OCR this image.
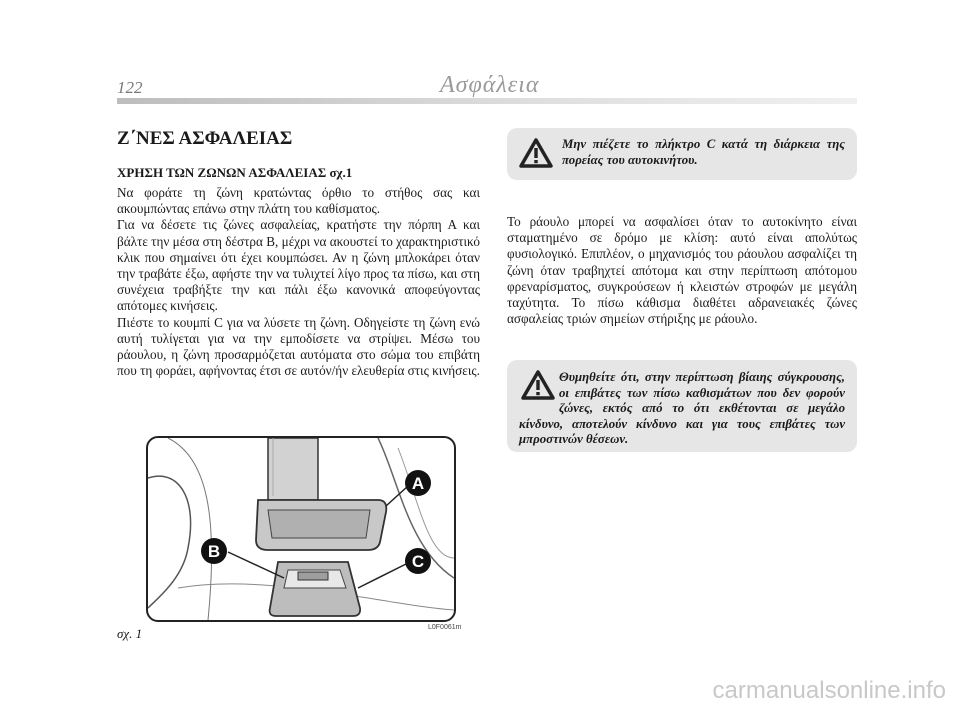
122	Ασφάλεια
Ζ΄ΝΕΣ ΑΣΦΑΛΕΙΑΣ
ΧΡΗΣΗ ΤΩΝ ΖΩΝΩΝ ΑΣΦΑΛΕΙΑΣ σχ.1

Να φοράτε τη ζώνη κρατώντας όρθιο το στήθος σας και ακουμπώντας επάνω στην πλάτη του καθίσματος.

Για να δέσετε τις ζώνες ασφαλείας, κρατήστε την πόρπη Α και βάλτε την μέσα στη δέστρα Β, μέχρι να ακουστεί το χαρακτηριστικό κλικ που σημαίνει ότι έχει κουμπώσει. Αν η ζώνη μπλοκάρει όταν την τραβάτε έξω, αφήστε την να τυλιχτεί λίγο προς τα πίσω, και στη συνέχεια τραβήξτε την και πάλι έξω κανονικά αποφεύγοντας απότομες κινήσεις.

Πιέστε το κουμπί C για να λύσετε τη ζώνη. Οδηγείστε τη ζώνη ενώ αυτή τυλίγεται για να την εμποδίσετε να στρίψει. Μέσω του ράουλου, η ζώνη προσαρμόζεται αυτόματα στο σώμα του επιβάτη που τη φοράει, αφήνοντας έτσι σε αυτόν/ήν ελευθερία στις κινήσεις.

Μην πιέζετε το πλήκτρο C κατά τη διάρκεια της πορείας του αυτοκινήτου.

Το ράουλο μπορεί να ασφαλίσει όταν το αυτοκίνητο είναι σταματημένο σε δρόμο με κλίση: αυτό είναι απολύτως φυσιολογικό. Επιπλέον, ο μηχανισμός του ράουλου ασφαλίζει τη ζώνη όταν τραβηχτεί απότομα και στην περίπτωση απότομου φρεναρίσματος, συγκρούσεων ή κλειστών στροφών με μεγάλη ταχύτητα. Το πίσω κάθισμα διαθέτει αδρανειακές ζώνες ασφαλείας τριών σημείων στήριξης με ράουλο.

Θυμηθείτε ότι, στην περίπτωση βίαιης σύγκρουσης, οι επιβάτες των πίσω καθισμάτων που δεν φορούν ζώνες, εκτός από το ότι εκθέτονται σε μεγάλο κίνδυνο, αποτελούν κίνδυνο και για τους επιβάτες των μπροστινών θέσεων.

A
B
C
σχ. 1	L0F0061m
carmanualsonline.info
